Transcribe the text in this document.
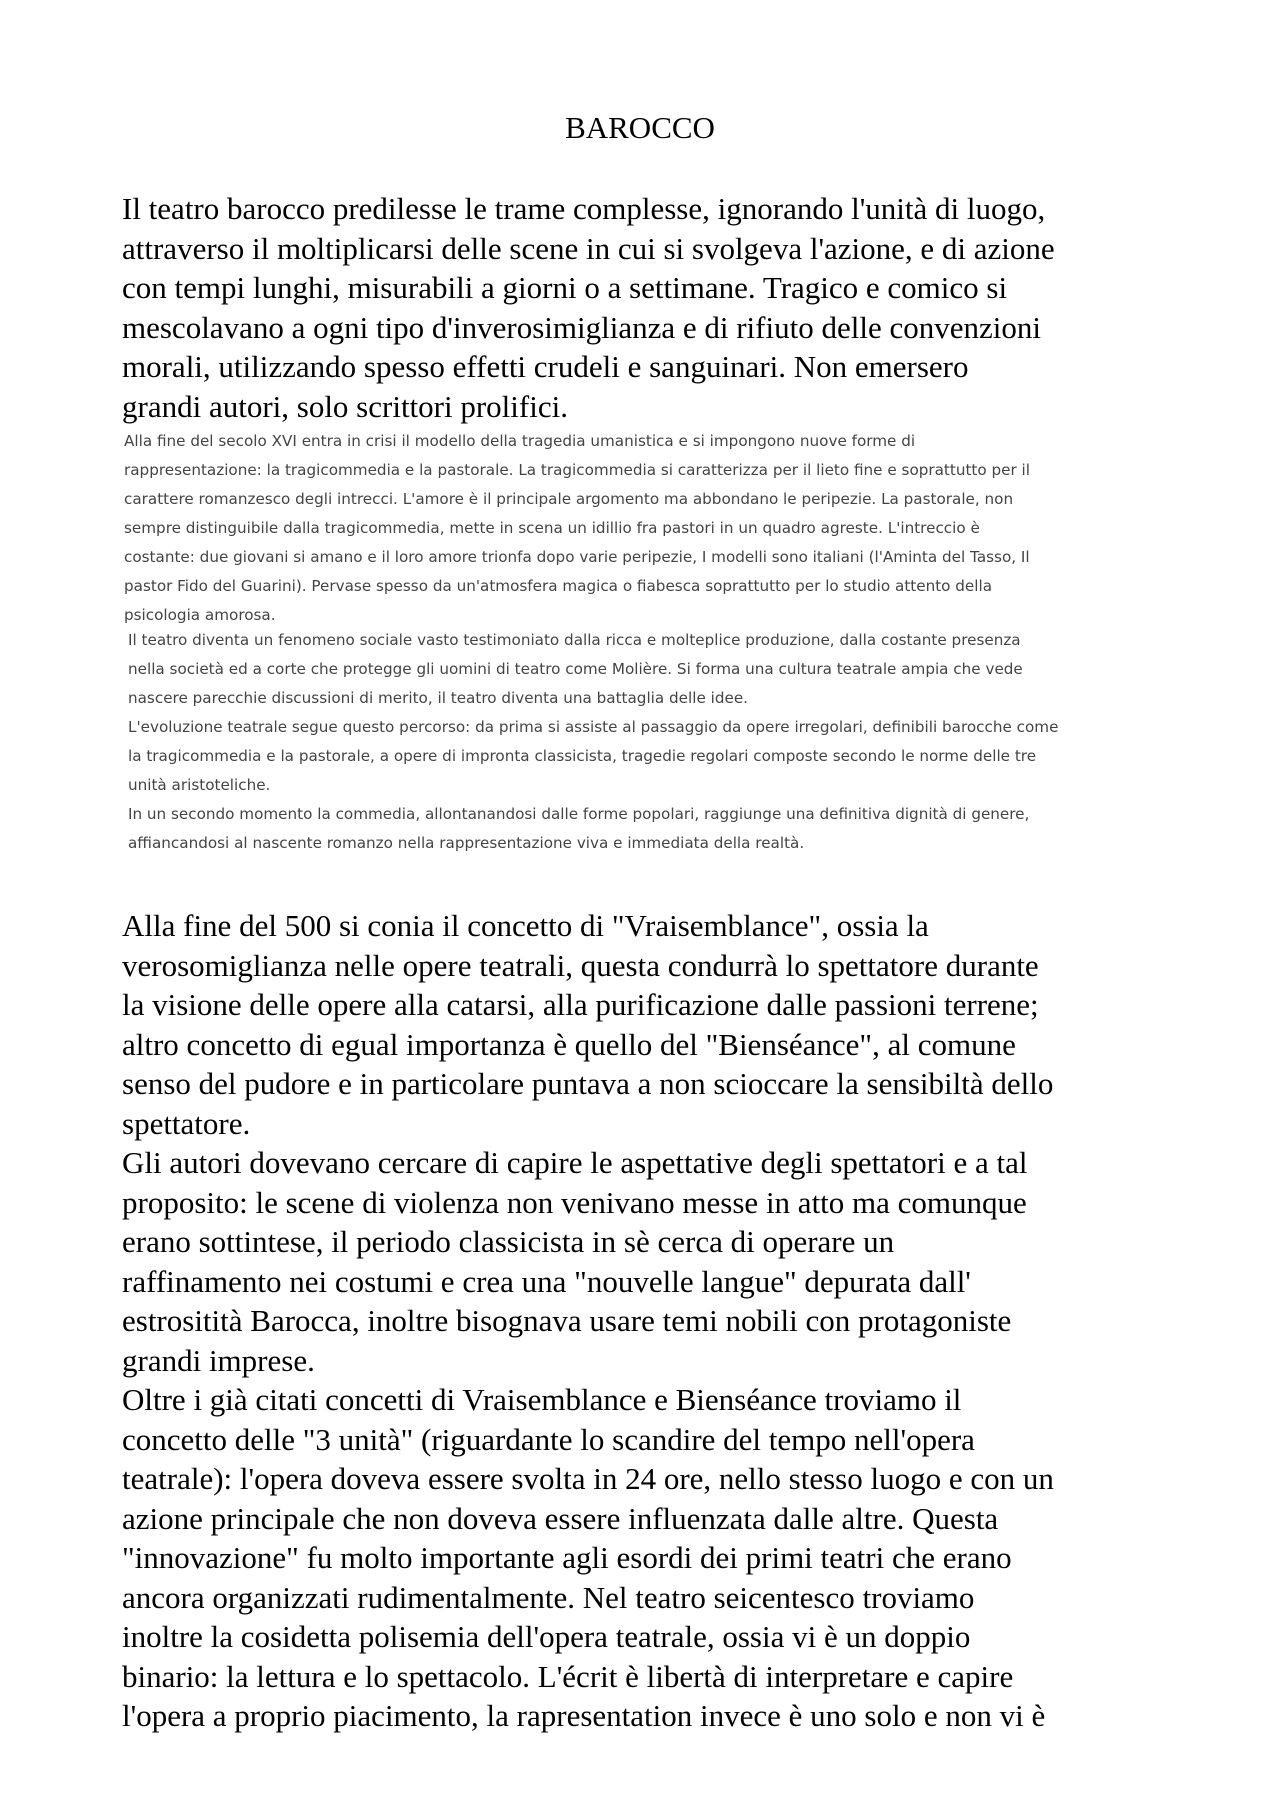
BAROCCO
Il teatro barocco predilesse le trame complesse, ignorando l'unità di luogo,
attraverso il moltiplicarsi delle scene in cui si svolgeva l'azione, e di azione
con tempi lunghi, misurabili a giorni o a settimane. Tragico e comico si
mescolavano a ogni tipo d'inverosimiglianza e di rifiuto delle convenzioni
morali, utilizzando spesso effetti crudeli e sanguinari. Non emersero
grandi autori, solo scrittori prolifici.
Alla fine del secolo XVI entra in crisi il modello della tragedia umanistica e si impongono nuove forme di
rappresentazione: la tragicommedia e la pastorale. La tragicommedia si caratterizza per il lieto fine e soprattutto per il
carattere romanzesco degli intrecci. L'amore è il principale argomento ma abbondano le peripezie. La pastorale, non
sempre distinguibile dalla tragicommedia, mette in scena un idillio fra pastori in un quadro agreste. L'intreccio è
costante: due giovani si amano e il loro amore trionfa dopo varie peripezie, I modelli sono italiani (l'Aminta del Tasso, Il
pastor Fido del Guarini). Pervase spesso da un'atmosfera magica o fiabesca soprattutto per lo studio attento della
psicologia amorosa.
Il teatro diventa un fenomeno sociale vasto testimoniato dalla ricca e molteplice produzione, dalla costante presenza
nella società ed a corte che protegge gli uomini di teatro come Molière. Si forma una cultura teatrale ampia che vede
nascere parecchie discussioni di merito, il teatro diventa una battaglia delle idee.
L'evoluzione teatrale segue questo percorso: da prima si assiste al passaggio da opere irregolari, definibili barocche come
la tragicommedia e la pastorale, a opere di impronta classicista, tragedie regolari composte secondo le norme delle tre
unità aristoteliche.
In un secondo momento la commedia, allontanandosi dalle forme popolari, raggiunge una definitiva dignità di genere,
affiancandosi al nascente romanzo nella rappresentazione viva e immediata della realtà.
Alla fine del 500 si conia il concetto di "Vraisemblance", ossia la
verosomiglianza nelle opere teatrali, questa condurrà lo spettatore durante
la visione delle opere alla catarsi, alla purificazione dalle passioni terrene;
altro concetto di egual importanza è quello del "Bienséance", al comune
senso del pudore e in particolare puntava a non scioccare la sensibiltà dello
spettatore.
Gli autori dovevano cercare di capire le aspettative degli spettatori e a tal
proposito: le scene di violenza non venivano messe in atto ma comunque
erano sottintese, il periodo classicista in sè cerca di operare un
raffinamento nei costumi e crea una "nouvelle langue" depurata dall'
estrositità Barocca, inoltre bisognava usare temi nobili con protagoniste
grandi imprese.
Oltre i già citati concetti di Vraisemblance e Bienséance troviamo il
concetto delle "3 unità" (riguardante lo scandire del tempo nell'opera
teatrale): l'opera doveva essere svolta in 24 ore, nello stesso luogo e con un
azione principale che non doveva essere influenzata dalle altre. Questa
"innovazione" fu molto importante agli esordi dei primi teatri che erano
ancora organizzati rudimentalmente. Nel teatro seicentesco troviamo
inoltre la cosidetta polisemia dell'opera teatrale, ossia vi è un doppio
binario: la lettura e lo spettacolo. L'écrit è libertà di interpretare e capire
l'opera a proprio piacimento, la rapresentation invece è uno solo e non vi è
